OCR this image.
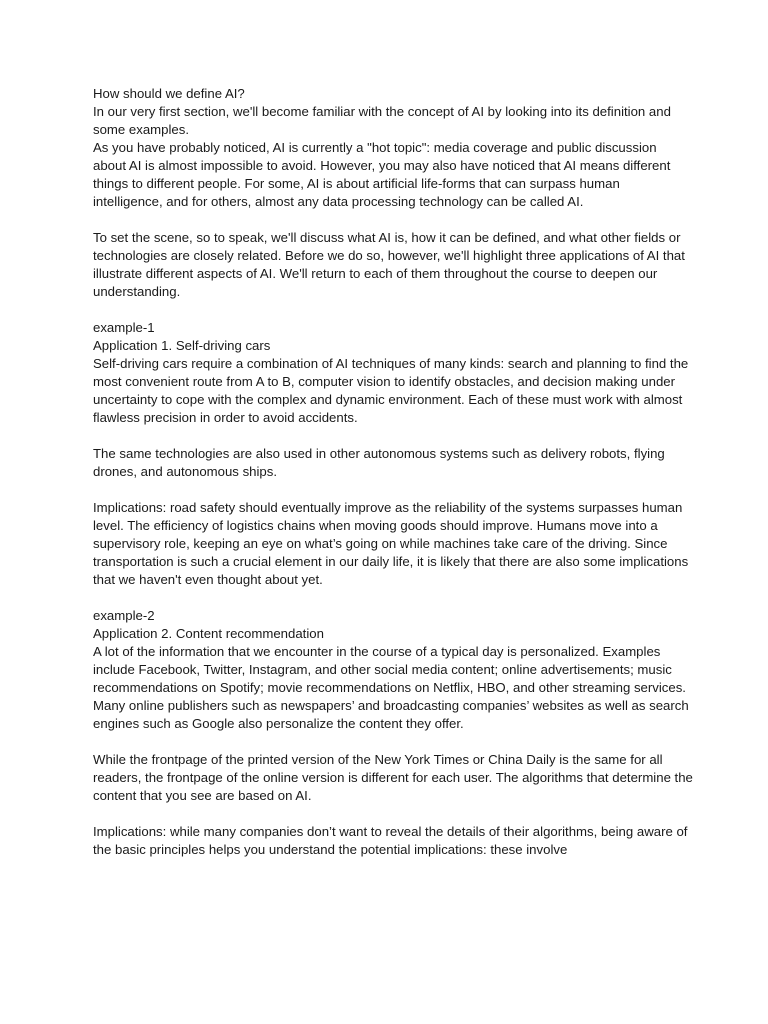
How should we define AI?

In our very first section, we'll become familiar with the concept of AI by looking into its definition and some examples.

As you have probably noticed, AI is currently a "hot topic": media coverage and public discussion about AI is almost impossible to avoid. However, you may also have noticed that AI means different things to different people. For some, AI is about artificial life-forms that can surpass human intelligence, and for others, almost any data processing technology can be called AI.

To set the scene, so to speak, we'll discuss what AI is, how it can be defined, and what other fields or technologies are closely related. Before we do so, however, we'll highlight three applications of AI that illustrate different aspects of AI. We'll return to each of them throughout the course to deepen our understanding.

example-1

Application 1. Self-driving cars

Self-driving cars require a combination of AI techniques of many kinds: search and planning to find the most convenient route from A to B, computer vision to identify obstacles, and decision making under uncertainty to cope with the complex and dynamic environment. Each of these must work with almost flawless precision in order to avoid accidents.

The same technologies are also used in other autonomous systems such as delivery robots, flying drones, and autonomous ships.

Implications: road safety should eventually improve as the reliability of the systems surpasses human level. The efficiency of logistics chains when moving goods should improve. Humans move into a supervisory role, keeping an eye on what’s going on while machines take care of the driving. Since transportation is such a crucial element in our daily life, it is likely that there are also some implications that we haven't even thought about yet.

example-2

Application 2. Content recommendation

A lot of the information that we encounter in the course of a typical day is personalized. Examples include Facebook, Twitter, Instagram, and other social media content; online advertisements; music recommendations on Spotify; movie recommendations on Netflix, HBO, and other streaming services. Many online publishers such as newspapers’ and broadcasting companies’ websites as well as search engines such as Google also personalize the content they offer.

While the frontpage of the printed version of the New York Times or China Daily is the same for all readers, the frontpage of the online version is different for each user. The algorithms that determine the content that you see are based on AI.

Implications: while many companies don’t want to reveal the details of their algorithms, being aware of the basic principles helps you understand the potential implications: these involve
